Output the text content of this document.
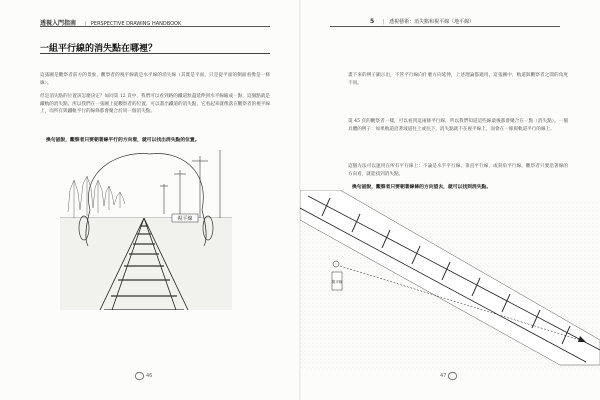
透視入門指南 | PERSPECTIVE DRAWING HANDBOOK
一組平行線的消失點在哪裡？
這張圖是觀察者前方的景象，觀察者的視平線就是水平線的消失線（其實是平面，只是從平面的側面看像是一條線）。
但是消失點的位置該怎麼決定？如同第 12 頁中，我們可以看到路的鐵道無盡延伸到水平線縮成一點，這個點就是鐵軌的消失點。所以我們在一張圖上從觀察者的位置，可以畫出鐵道的消失點，它看起來就像落在觀察者的視平線上，而所有與鐵軌平行的線條都會聚合於同一個消失點。
換句話說，觀察者只要朝著線平行的方向看，就可以找出消失點的位置。
視平線
46
5 | 透視藝術：消失點和視平線（地平線）
畫下來的例子顯示出，不管平行線向什麼方向延伸，上述理論都適用。這張圖中，軌道與觀察者之間的角度不同。
第 45 頁的觀察者一樣，可以看到這兩條平行線，所以我們知道這些線最後都會聚合在一點（消失點）。一個具體的例子：如果軌道沿著坡道往上或往下，消失點就不在視平線上，而會在一條與軌道平行的線上。
這個方法可以運用在所有平行線上：不論是水平平行線、垂直平行線，或斜角平行線，觀察者只要沿著線的方向看，就能找到消失點。
換句話說，觀察者只要朝著線條的方向望去，就可以找到消失點。
視平線
47
